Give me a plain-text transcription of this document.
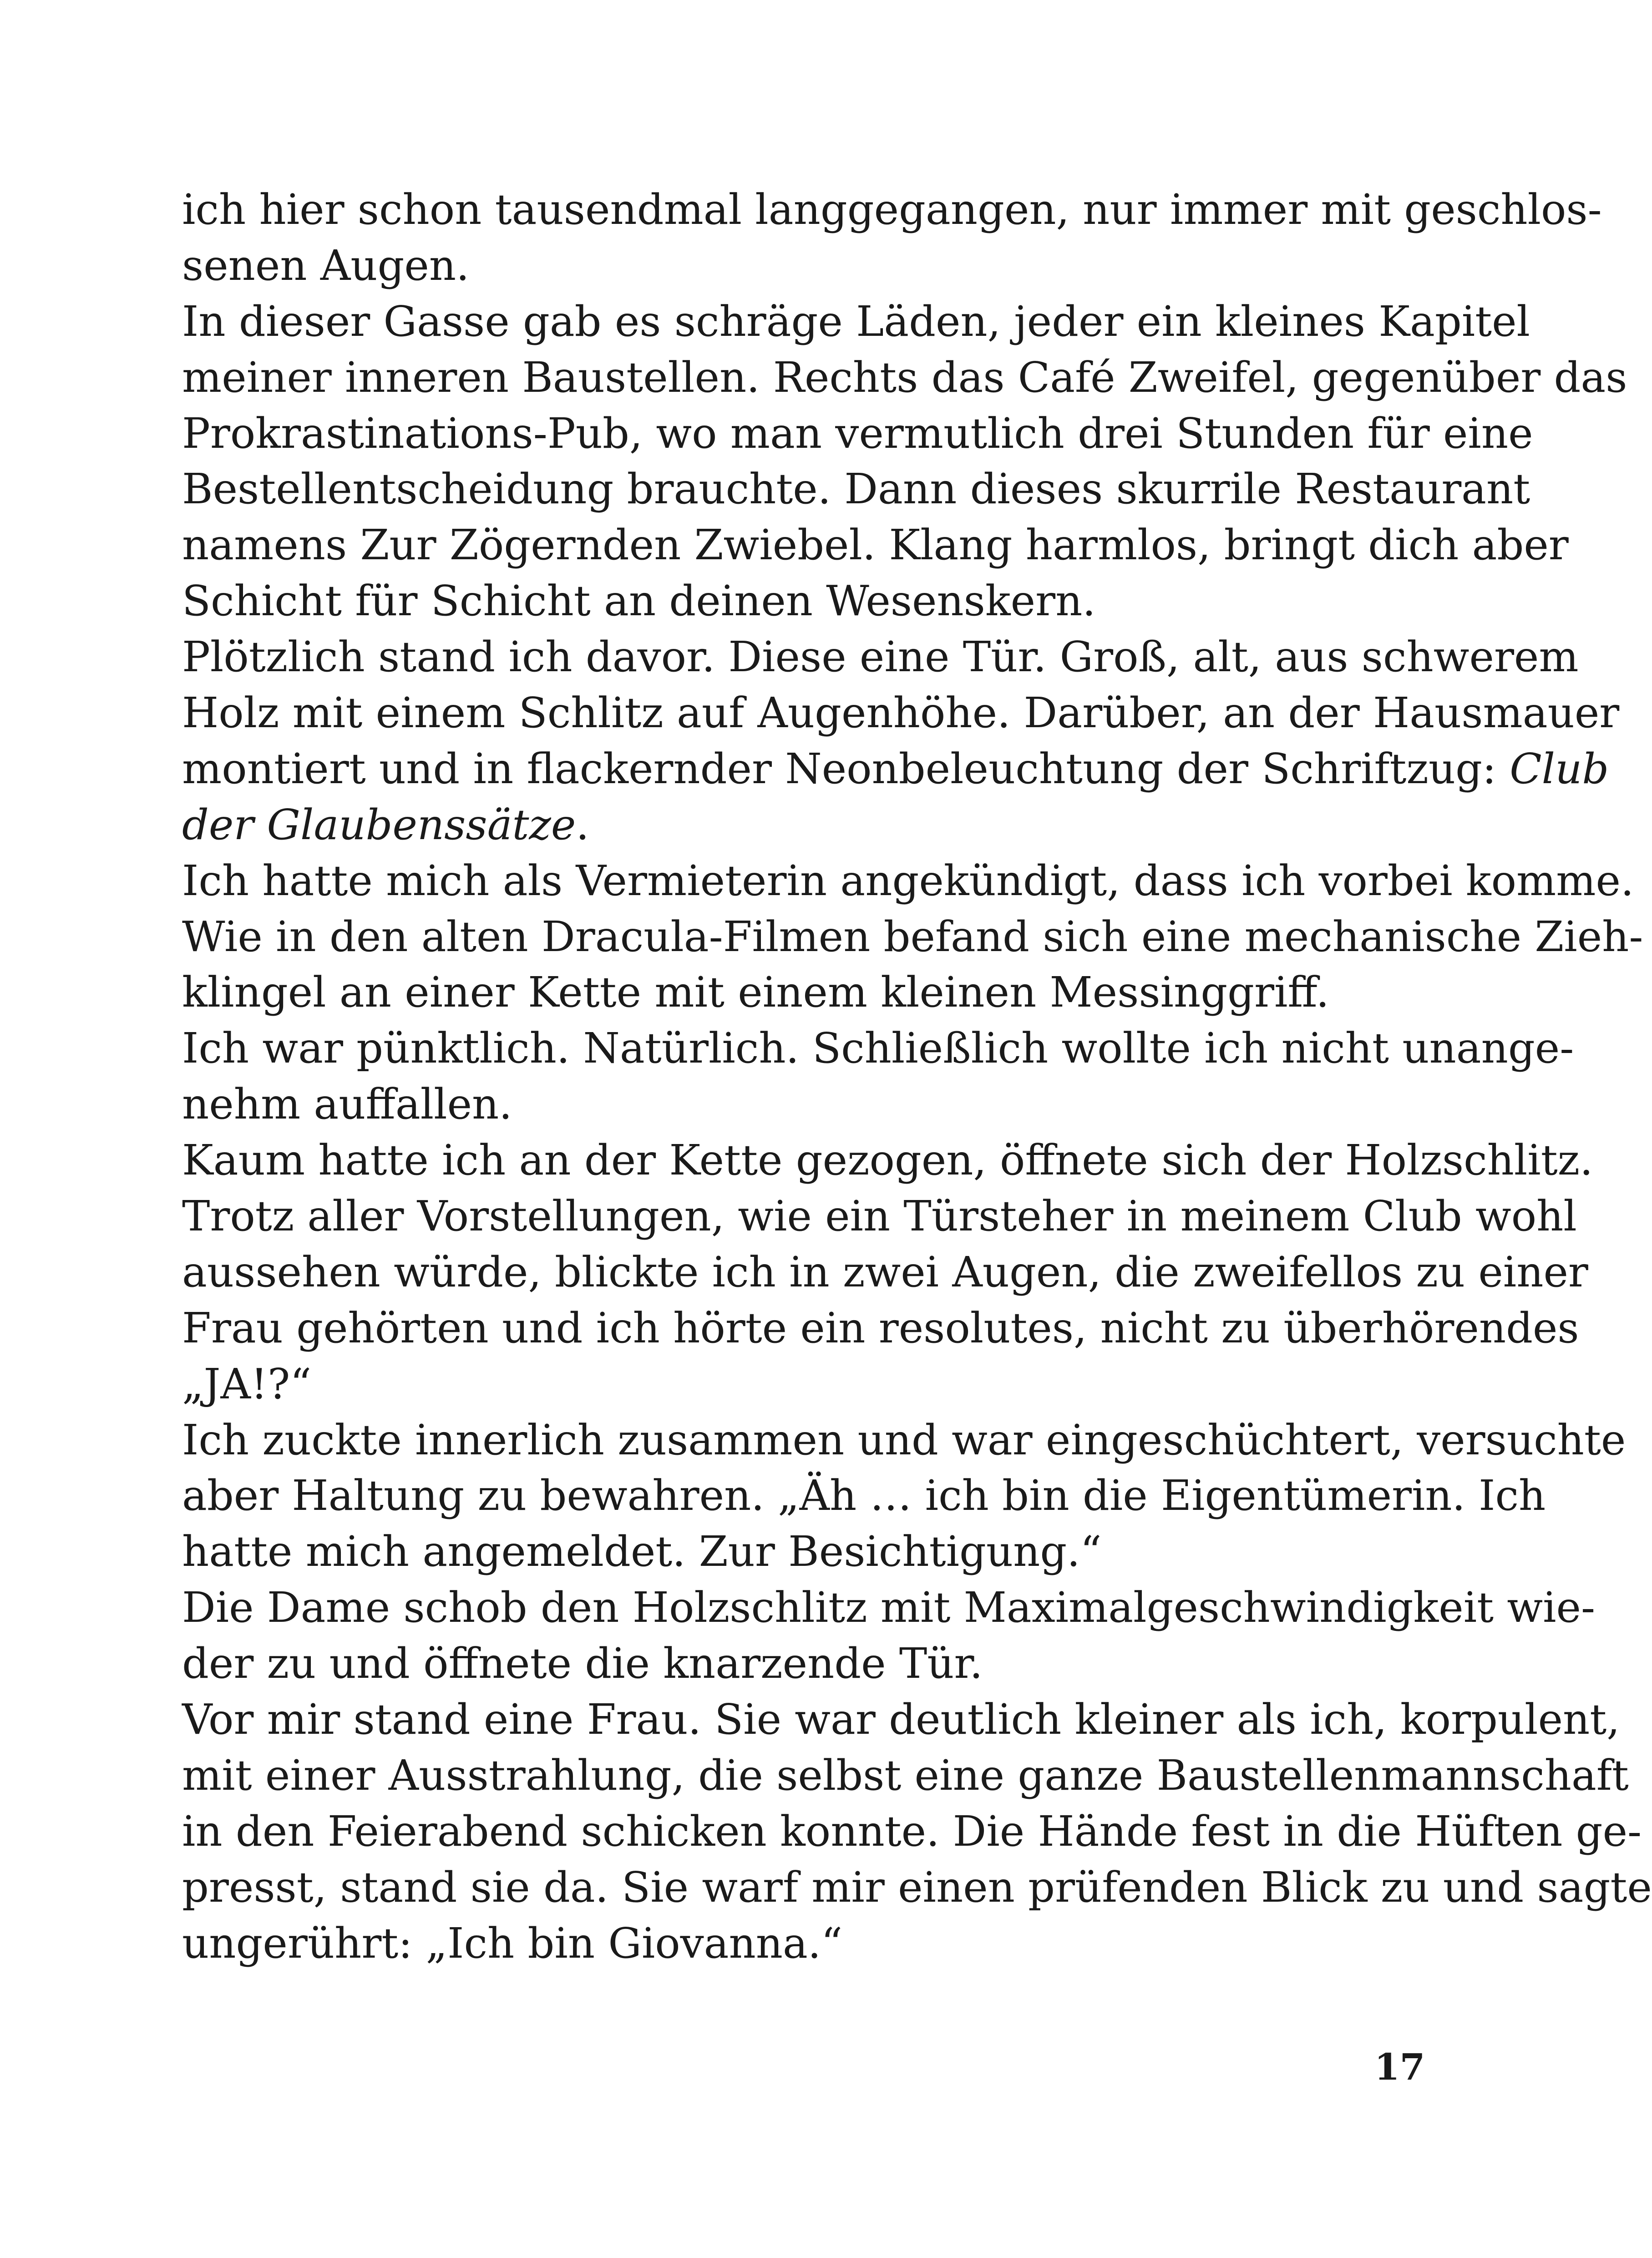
ich hier schon tausendmal langgegangen, nur immer mit geschlos-
senen Augen.
In dieser Gasse gab es schräge Läden, jeder ein kleines Kapitel
meiner inneren Baustellen. Rechts das Café Zweifel, gegenüber das
Prokrastinations-Pub, wo man vermutlich drei Stunden für eine
Bestellentscheidung brauchte. Dann dieses skurrile Restaurant
namens Zur Zögernden Zwiebel. Klang harmlos, bringt dich aber
Schicht für Schicht an deinen Wesenskern.
Plötzlich stand ich davor. Diese eine Tür. Groß, alt, aus schwerem
Holz mit einem Schlitz auf Augenhöhe. Darüber, an der Hausmauer
montiert und in flackernder Neonbeleuchtung der Schriftzug: Club
der Glaubenssätze.
Ich hatte mich als Vermieterin angekündigt, dass ich vorbei komme.
Wie in den alten Dracula-Filmen befand sich eine mechanische Zieh-
klingel an einer Kette mit einem kleinen Messinggriff.
Ich war pünktlich. Natürlich. Schließlich wollte ich nicht unange-
nehm auffallen.
Kaum hatte ich an der Kette gezogen, öffnete sich der Holzschlitz.
Trotz aller Vorstellungen, wie ein Türsteher in meinem Club wohl
aussehen würde, blickte ich in zwei Augen, die zweifellos zu einer
Frau gehörten und ich hörte ein resolutes, nicht zu überhörendes
„JA!?“
Ich zuckte innerlich zusammen und war eingeschüchtert, versuchte
aber Haltung zu bewahren. „Äh … ich bin die Eigentümerin. Ich
hatte mich angemeldet. Zur Besichtigung.“
Die Dame schob den Holzschlitz mit Maximalgeschwindigkeit wie-
der zu und öffnete die knarzende Tür.
Vor mir stand eine Frau. Sie war deutlich kleiner als ich, korpulent,
mit einer Ausstrahlung, die selbst eine ganze Baustellenmannschaft
in den Feierabend schicken konnte. Die Hände fest in die Hüften ge-
presst, stand sie da. Sie warf mir einen prüfenden Blick zu und sagte
ungerührt: „Ich bin Giovanna.“
17
